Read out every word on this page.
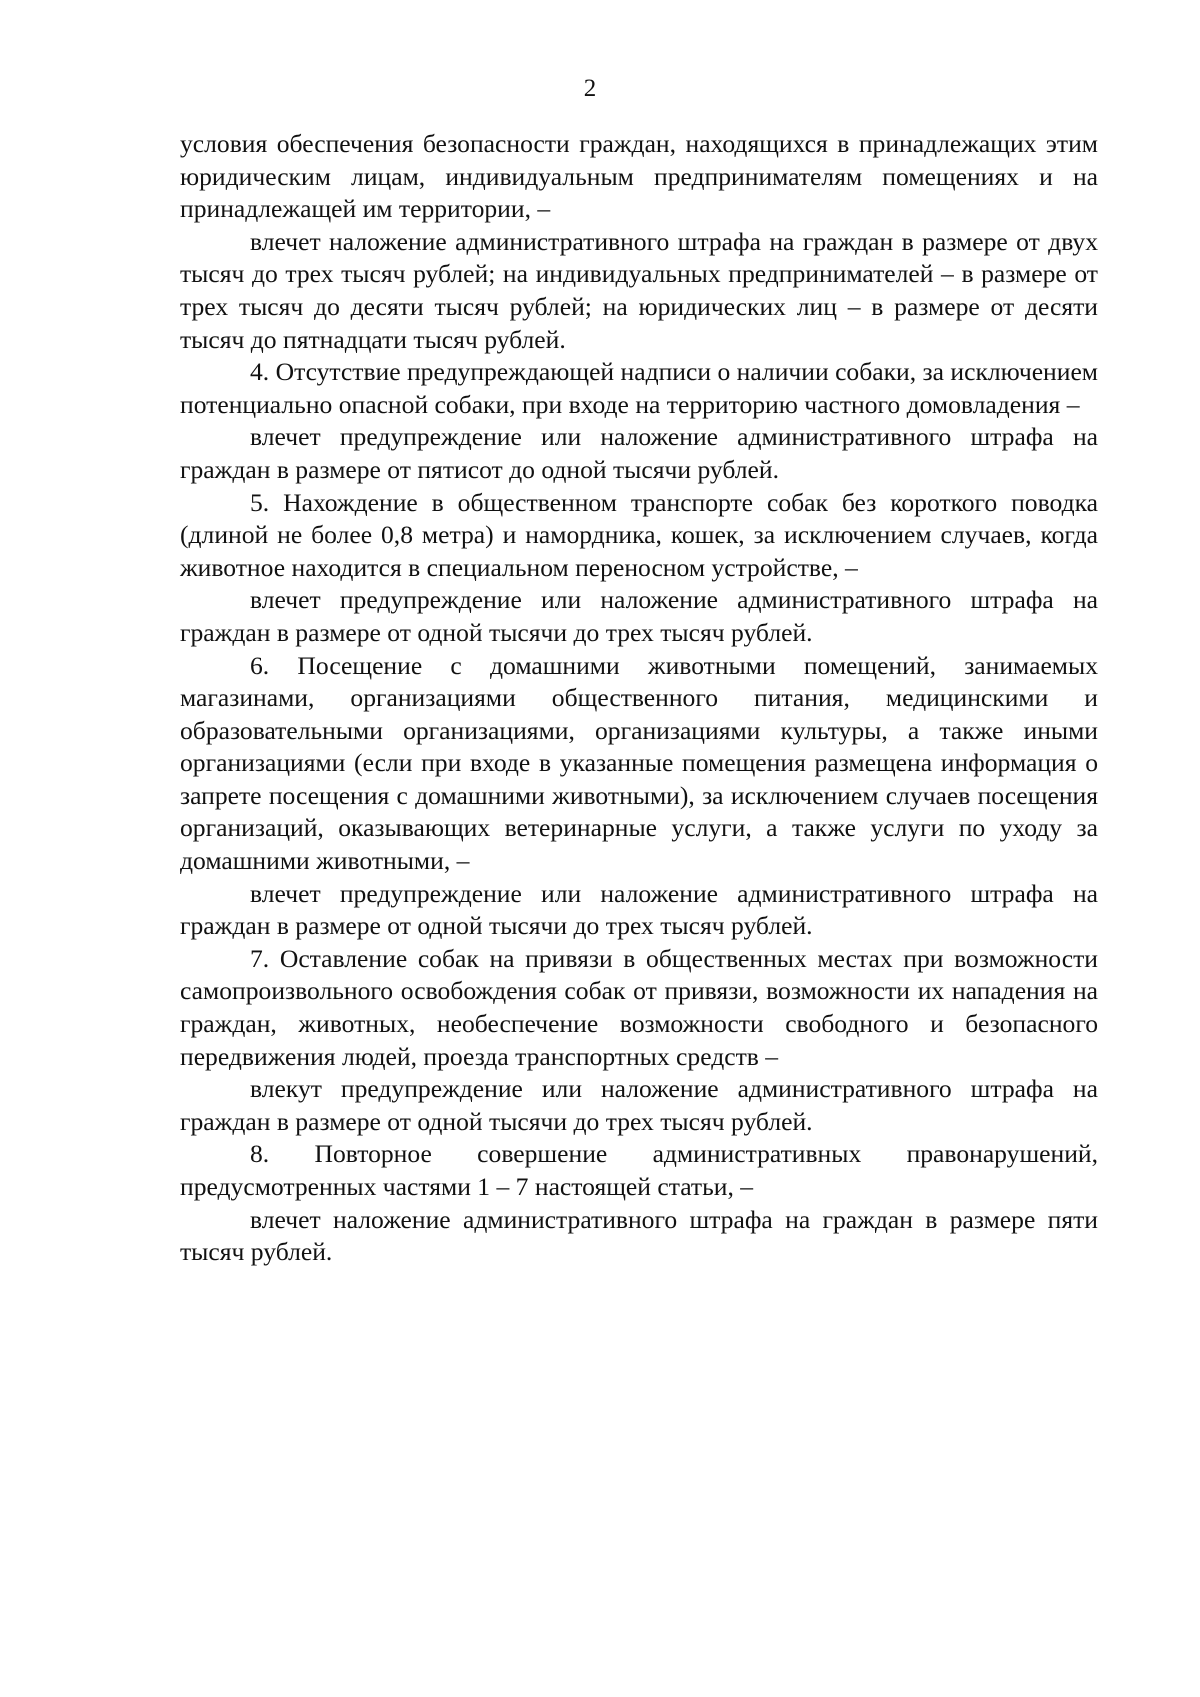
2

условия обеспечения безопасности граждан, находящихся в принадлежащих этим юридическим лицам, индивидуальным предпринимателям помещениях и на принадлежащей им территории, –

влечет наложение административного штрафа на граждан в размере от двух тысяч до трех тысяч рублей; на индивидуальных предпринимателей – в размере от трех тысяч до десяти тысяч рублей; на юридических лиц – в размере от десяти тысяч до пятнадцати тысяч рублей.

4. Отсутствие предупреждающей надписи о наличии собаки, за исключением потенциально опасной собаки, при входе на территорию частного домовладения –

влечет предупреждение или наложение административного штрафа на граждан в размере от пятисот до одной тысячи рублей.

5. Нахождение в общественном транспорте собак без короткого поводка (длиной не более 0,8 метра) и намордника, кошек, за исключением случаев, когда животное находится в специальном переносном устройстве, –

влечет предупреждение или наложение административного штрафа на граждан в размере от одной тысячи до трех тысяч рублей.

6. Посещение с домашними животными помещений, занимаемых магазинами, организациями общественного питания, медицинскими и образовательными организациями, организациями культуры, а также иными организациями (если при входе в указанные помещения размещена информация о запрете посещения с домашними животными), за исключением случаев посещения организаций, оказывающих ветеринарные услуги, а также услуги по уходу за домашними животными, –

влечет предупреждение или наложение административного штрафа на граждан в размере от одной тысячи до трех тысяч рублей.

7. Оставление собак на привязи в общественных местах при возможности самопроизвольного освобождения собак от привязи, возможности их нападения на граждан, животных, необеспечение возможности свободного и безопасного передвижения людей, проезда транспортных средств –

влекут предупреждение или наложение административного штрафа на граждан в размере от одной тысячи до трех тысяч рублей.

8. Повторное совершение административных правонарушений, предусмотренных частями 1 – 7 настоящей статьи, –

влечет наложение административного штрафа на граждан в размере пяти тысяч рублей.
